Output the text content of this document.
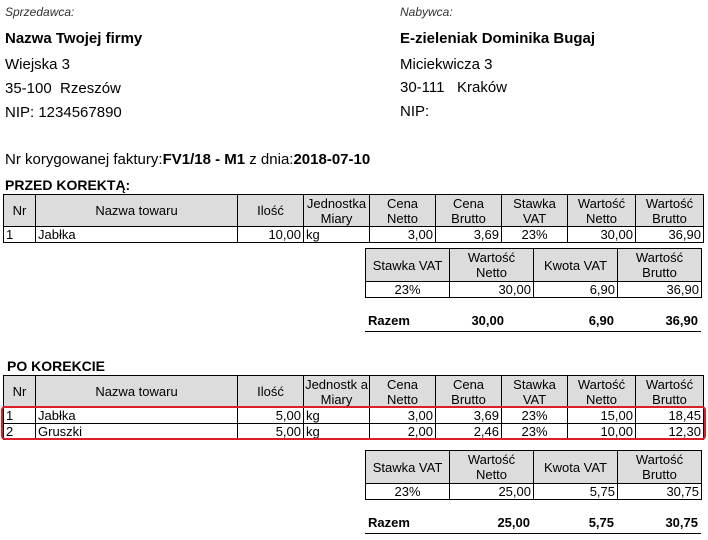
Sprzedawca:
Nazwa Twojej firmy
Wiejska 3
35-100  Rzeszów
NIP: 1234567890
Nabywca:
E-zieleniak Dominika Bugaj
Miciekwicza 3
30-111   Kraków
NIP:
Nr korygowanej faktury:FV1/18 - M1 z dnia:2018-07-10
PRZED KOREKTĄ:
Nr	Nazwa towaru	Ilość	Jednostka Miary	Cena Netto	Cena Brutto	Stawka VAT	Wartość Netto	Wartość Brutto
1	Jabłka	10,00	kg	3,00	3,69	23%	30,00	36,90
Stawka VAT	Wartość Netto	Kwota VAT	Wartość Brutto
23%	30,00	6,90	36,90
Razem	30,00	6,90	36,90
PO KOREKCIE
Nr	Nazwa towaru	Ilość	Jednostk a Miary	Cena Netto	Cena Brutto	Stawka VAT	Wartość Netto	Wartość Brutto
1	Jabłka	5,00	kg	3,00	3,69	23%	15,00	18,45
2	Gruszki	5,00	kg	2,00	2,46	23%	10,00	12,30
Stawka VAT	Wartość Netto	Kwota VAT	Wartość Brutto
23%	25,00	5,75	30,75
Razem	25,00	5,75	30,75
